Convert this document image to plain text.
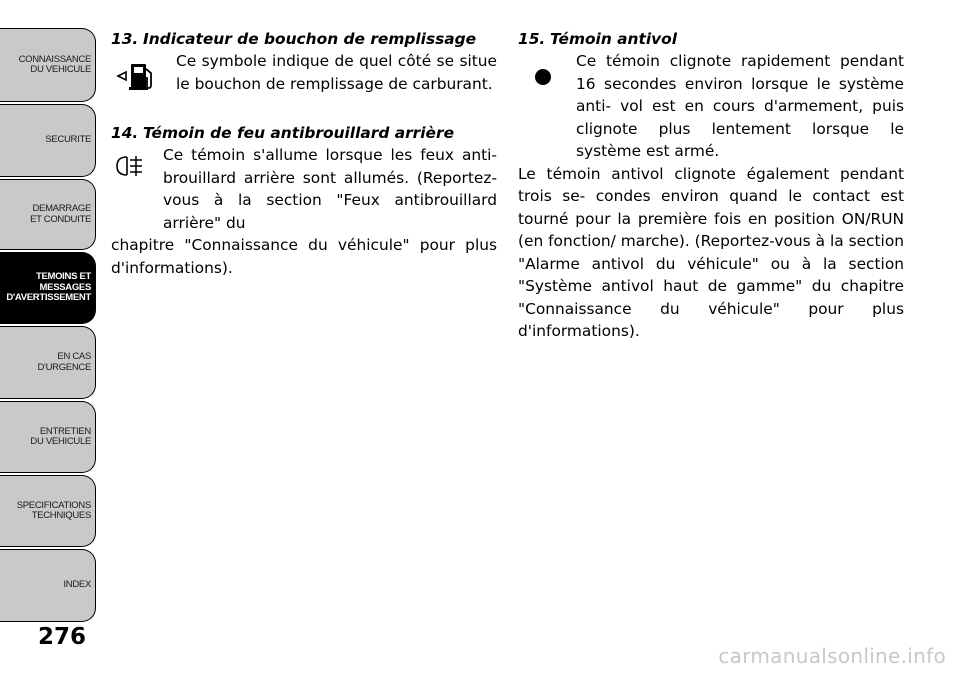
CONNAISSANCE
DU VEHICULE
SECURITE
DEMARRAGE
ET CONDUITE
TEMOINS ET
MESSAGES
D'AVERTISSEMENT
EN CAS
D'URGENCE
ENTRETIEN
DU VEHICULE
SPECIFICATIONS
TECHNIQUES
INDEX
276

13. Indicateur de bouchon de remplissage

Ce symbole indique de quel côté se situe le bouchon de remplissage de carburant.

14. Témoin de feu antibrouillard arrière

Ce témoin s'allume lorsque les feux anti- brouillard arrière sont allumés. (Reportez-vous à la section "Feux antibrouillard arrière" du

chapitre "Connaissance du véhicule" pour plus d'informations).

15. Témoin antivol

Ce témoin clignote rapidement pendant 16 secondes environ lorsque le système anti- vol est en cours d'armement, puis clignote plus lentement lorsque le système est armé.

Le témoin antivol clignote également pendant trois se- condes environ quand le contact est tourné pour la première fois en position ON/RUN (en fonction/ marche). (Reportez-vous à la section "Alarme antivol du véhicule" ou à la section "Système antivol haut de gamme" du chapitre "Connaissance du véhicule" pour plus d'informations).

carmanualsonline.info
